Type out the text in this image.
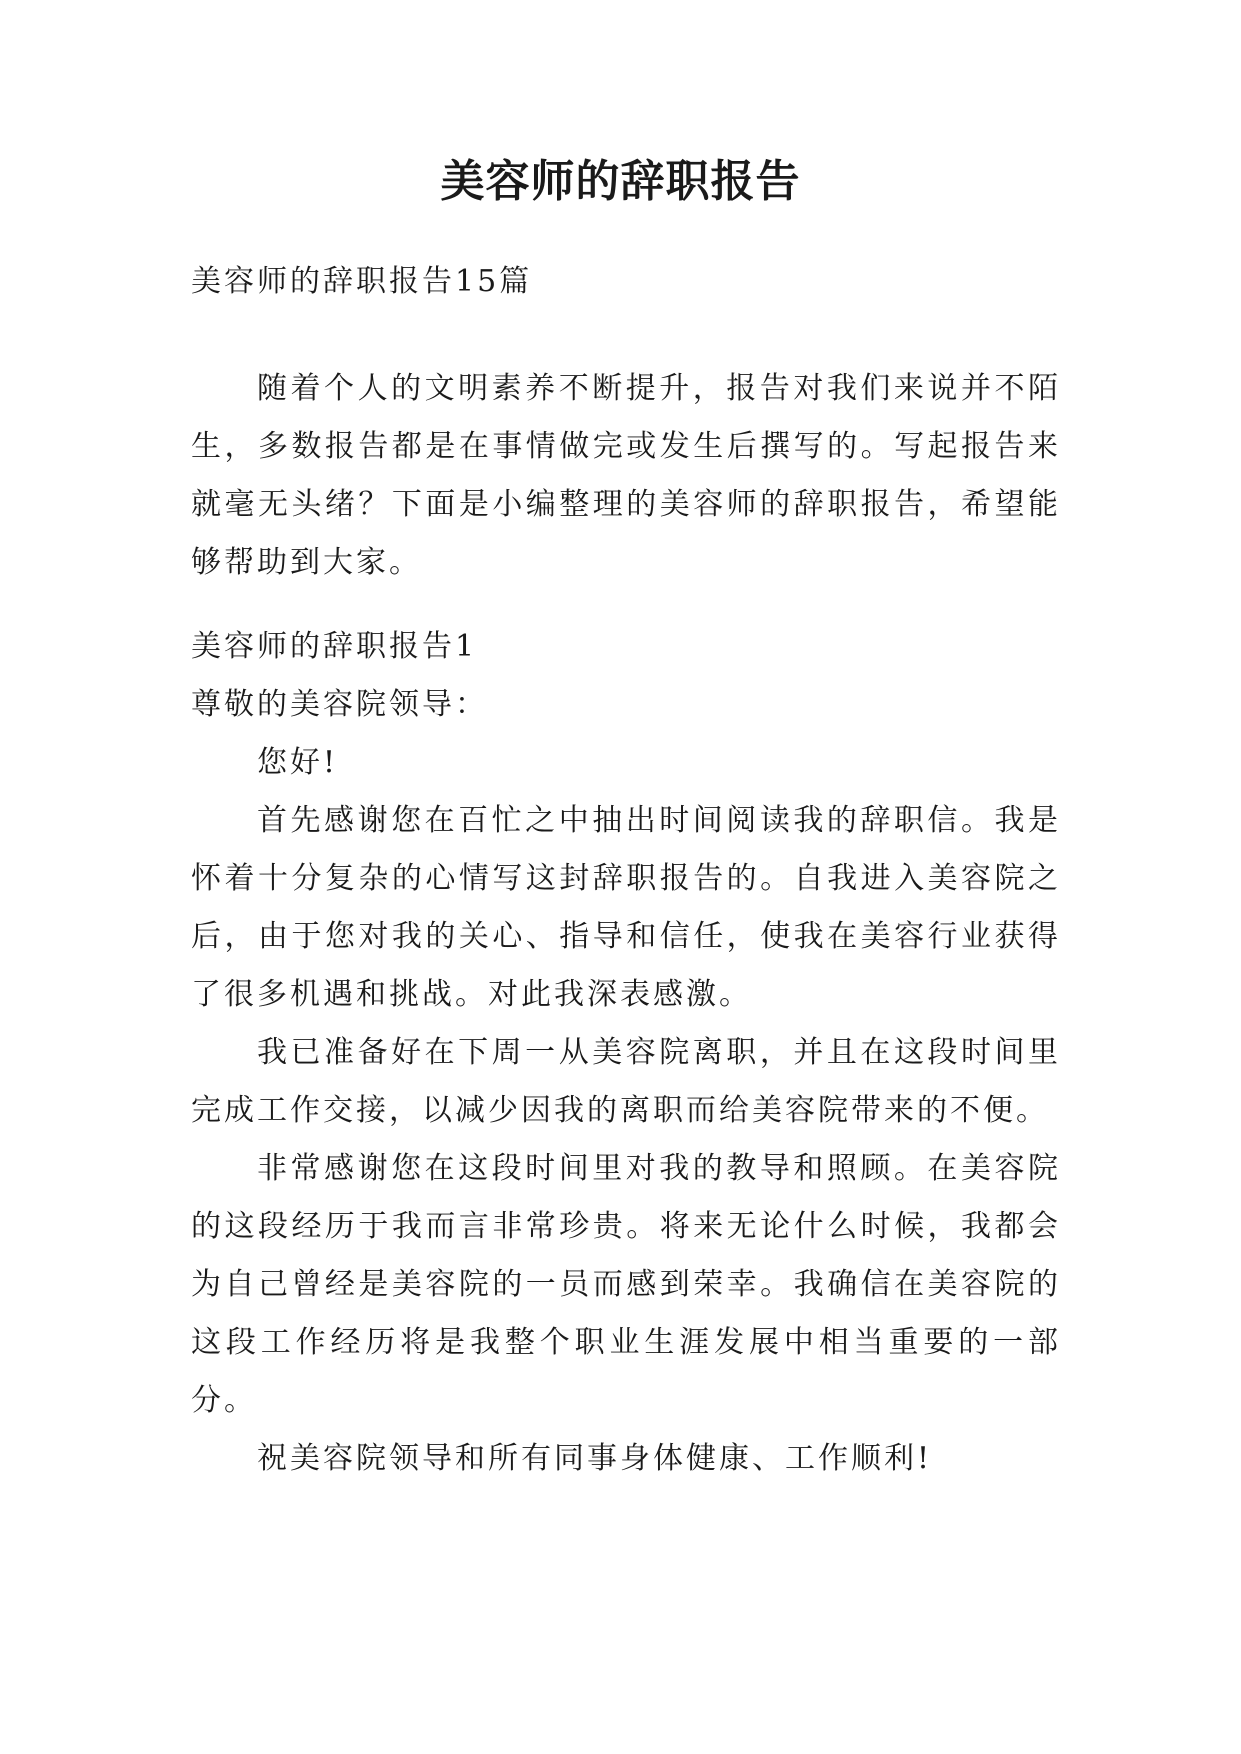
美容师的辞职报告
美容师的辞职报告15篇

随着个人的文明素养不断提升，报告对我们来说并不陌生，多数报告都是在事情做完或发生后撰写的。写起报告来就毫无头绪？下面是小编整理的美容师的辞职报告，希望能够帮助到大家。

美容师的辞职报告1
尊敬的美容院领导：

您好!

首先感谢您在百忙之中抽出时间阅读我的辞职信。我是怀着十分复杂的心情写这封辞职报告的。自我进入美容院之后，由于您对我的关心、指导和信任，使我在美容行业获得了很多机遇和挑战。对此我深表感激。

我已准备好在下周一从美容院离职，并且在这段时间里完成工作交接，以减少因我的离职而给美容院带来的不便。

非常感谢您在这段时间里对我的教导和照顾。在美容院的这段经历于我而言非常珍贵。将来无论什么时候，我都会为自己曾经是美容院的一员而感到荣幸。我确信在美容院的这段工作经历将是我整个职业生涯发展中相当重要的一部分。

祝美容院领导和所有同事身体健康、工作顺利!
